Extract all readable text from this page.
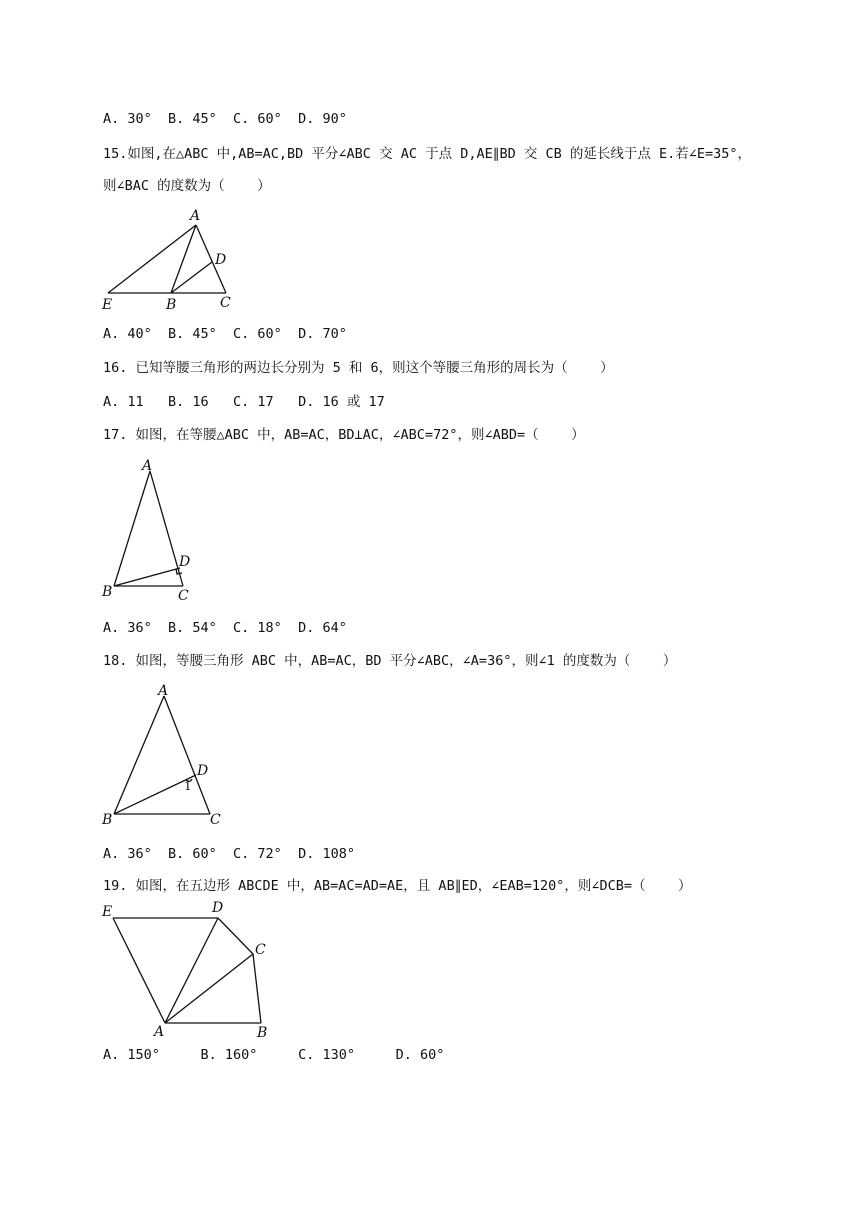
A. 30°  B. 45°  C. 60°  D. 90°
15.如图,在△ABC 中,AB=AC,BD 平分∠ABC 交 AC 于点 D,AE∥BD 交 CB 的延长线于点 E.若∠E=35°，
则∠BAC 的度数为（    ）
A
D
E	B	C
A. 40°  B. 45°  C. 60°  D. 70°
16. 已知等腰三角形的两边长分别为 5 和 6，则这个等腰三角形的周长为（    ）
A. 11   B. 16   C. 17   D. 16 或 17
17. 如图，在等腰△ABC 中，AB=AC，BD⊥AC，∠ABC=72°，则∠ABD=（    ）
A
D
B	C
A. 36°  B. 54°  C. 18°  D. 64°
18. 如图，等腰三角形 ABC 中，AB=AC，BD 平分∠ABC，∠A=36°，则∠1 的度数为（    ）
A
D
1
B	C
A. 36°  B. 60°  C. 72°  D. 108°
19. 如图，在五边形 ABCDE 中，AB=AC=AD=AE，且 AB∥ED，∠EAB=120°，则∠DCB=（    ）
E	D
C
A	B
A. 150°     B. 160°     C. 130°     D. 60°
